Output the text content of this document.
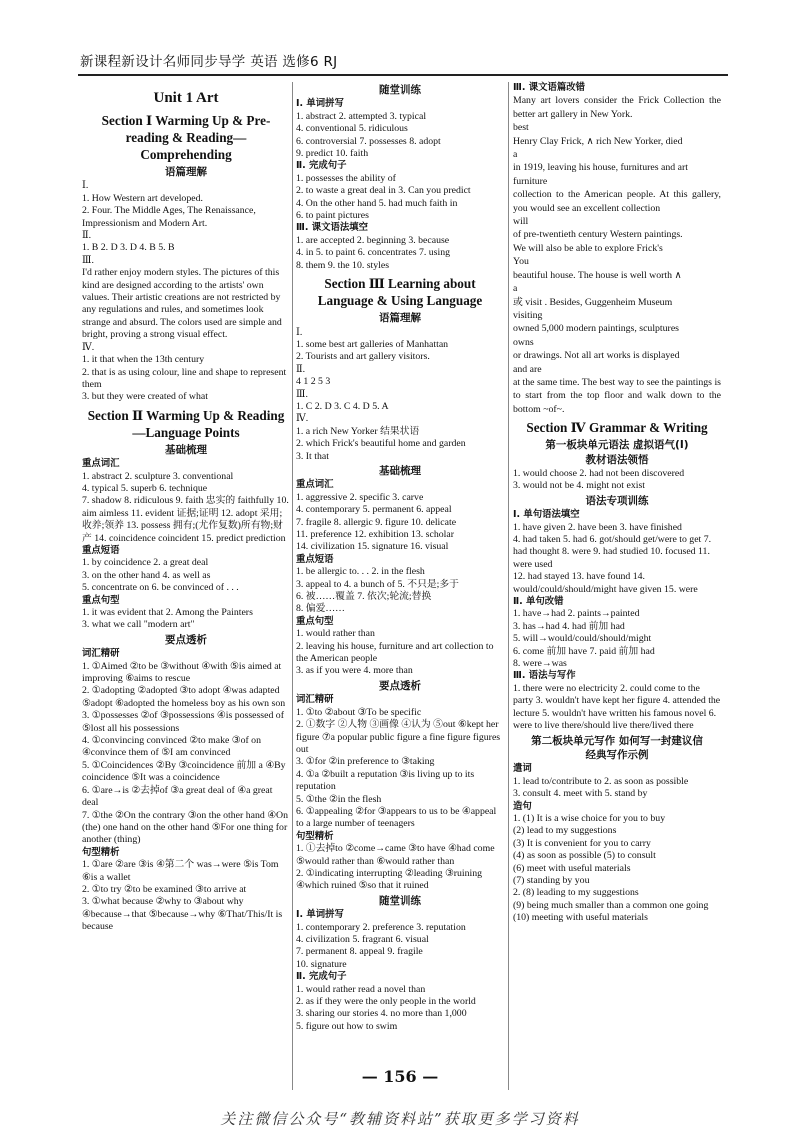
新课程新设计名师同步导学 英语 选修6 RJ
Unit 1 Art
Section Ⅰ Warming Up & Pre-reading & Reading—Comprehending
语篇理解
Ⅰ.
1. How Western art developed.
2. Four. The Middle Ages, The Renaissance, Impressionism and Modern Art.
Ⅱ.
1. B 2. D 3. D 4. B 5. B
Ⅲ.
I'd rather enjoy modern styles. The pictures of this kind are designed according to the artists' own values. Their artistic creations are not restricted by any regulations and rules, and sometimes look strange and absurd. The colors used are simple and bright, proving a strong visual effect.
Ⅳ.
1. it that when the 13th century
2. that is as using colour, line and shape to represent them
3. but they were created of what
Section Ⅱ Warming Up & Reading—Language Points
基础梳理
重点词汇
1. abstract 2. sculpture 3. conventional
4. typical 5. superb 6. technique
7. shadow 8. ridiculous 9. faith 忠实的 faithfully 10. aim aimless 11. evident 证据;证明 12. adopt 采用;收养;领养 13. possess 拥有;(尤作复数)所有物;财产 14. coincidence coincident 15. predict prediction
重点短语
1. by coincidence 2. a great deal
3. on the other hand 4. as well as
5. concentrate on 6. be convinced of . . .
重点句型
1. it was evident that 2. Among the Painters
3. what we call "modern art"
要点透析
词汇精研
1. ①Aimed ②to be ③without ④with ⑤is aimed at improving ⑥aims to rescue
2. ①adopting ②adopted ③to adopt ④was adapted ⑤adopt ⑥adopted the homeless boy as his own son
3. ①possesses ②of ③possessions ④is possessed of ⑤lost all his possessions
4. ①convincing convinced ②to make ③of on ④convince them of ⑤I am convinced
5. ①Coincidences ②By ③coincidence 前加 a ④By coincidence ⑤It was a coincidence
6. ①are→is ②去掉of ③a great deal of ④a great deal
7. ①the ②On the contrary ③on the other hand ④On (the) one hand on the other hand ⑤For one thing for another (thing)
句型精析
1. ①are ②are ③is ④第二个 was→were ⑤is Tom ⑥is a wallet
2. ①to try ②to be examined ③to arrive at
3. ①what because ②why to ③about why ④because→that ⑤because→why ⑥That/This/It is because
随堂训练
Ⅰ. 单词拼写
1. abstract 2. attempted 3. typical
4. conventional 5. ridiculous
6. controversial 7. possesses 8. adopt
9. predict 10. faith
Ⅱ. 完成句子
1. possesses the ability of
2. to waste a great deal in 3. Can you predict
4. On the other hand 5. had much faith in
6. to paint pictures
Ⅲ. 课文语法填空
1. are accepted 2. beginning 3. because
4. in 5. to paint 6. concentrates 7. using
8. them 9. the 10. styles
Section Ⅲ Learning about Language & Using Language
语篇理解
Ⅰ.
1. some best art galleries of Manhattan
2. Tourists and art gallery visitors.
Ⅱ.
4 1 2 5 3
Ⅲ.
1. C 2. D 3. C 4. D 5. A
Ⅳ.
1. a rich New Yorker 结果状语
2. which Frick's beautiful home and garden
3. It that
基础梳理
重点词汇
1. aggressive 2. specific 3. carve
4. contemporary 5. permanent 6. appeal
7. fragile 8. allergic 9. figure 10. delicate
11. preference 12. exhibition 13. scholar
14. civilization 15. signature 16. visual
重点短语
1. be allergic to. . . 2. in the flesh
3. appeal to 4. a bunch of 5. 不只是;多于
6. 被……覆盖 7. 依次;轮流;替换
8. 偏爱……
重点句型
1. would rather than
2. leaving his house, furniture and art collection to the American people
3. as if you were 4. more than
要点透析
词汇精研
1. ①to ②about ③To be specific
2. ①数字 ②人物 ③画像 ④认为 ⑤out ⑥kept her figure ⑦a popular public figure a fine figure figures out
3. ①for ②in preference to ③taking
4. ①a ②built a reputation ③is living up to its reputation
5. ①the ②in the flesh
6. ①appealing ②for ③appears to us to be ④appeal to a large number of teenagers
句型精析
1. ①去掉to ②come→came ③to have ④had come ⑤would rather than ⑥would rather than
2. ①indicating interrupting ②leading ③ruining ④which ruined ⑤so that it ruined
随堂训练
Ⅰ. 单词拼写
1. contemporary 2. preference 3. reputation
4. civilization 5. fragrant 6. visual
7. permanent 8. appeal 9. fragile
10. signature
Ⅱ. 完成句子
1. would rather read a novel than
2. as if they were the only people in the world
3. sharing our stories 4. no more than 1,000
5. figure out how to swim
Ⅲ. 课文语篇改错
Many art lovers consider the Frick Collection the better art gallery in New York.
best
Henry Clay Frick, ∧ rich New Yorker, died
a
in 1919, leaving his house, furnitures and art
furniture
collection to the American people. At this gallery, you would see an excellent collection
will
of pre-twentieth century Western paintings.
We will also be able to explore Frick's
You
beautiful house. The house is well worth ∧
a
或 visit . Besides, Guggenheim Museum
visiting
owned 5,000 modern paintings, sculptures
owns
or drawings. Not all art works is displayed
and are
at the same time. The best way to see the paintings is to start from the top floor and walk down to the bottom ~of~.
Section Ⅳ Grammar & Writing
第一板块单元语法 虚拟语气(Ⅰ)
教材语法领悟
1. would choose 2. had not been discovered
3. would not be 4. might not exist
语法专项训练
Ⅰ. 单句语法填空
1. have given 2. have been 3. have finished
4. had taken 5. had 6. got/should get/were to get 7. had thought 8. were 9. had studied 10. focused 11. were used
12. had stayed 13. have found 14. would/could/should/might have given 15. were
Ⅱ. 单句改错
1. have→had 2. paints→painted
3. has→had 4. had 前加 had
5. will→would/could/should/might
6. come 前加 have 7. paid 前加 had
8. were→was
Ⅲ. 语法与写作
1. there were no electricity 2. could come to the party 3. wouldn't have kept her figure 4. attended the lecture 5. wouldn't have written his famous novel 6. were to live there/should live there/lived there
第二板块单元写作 如何写一封建议信
经典写作示例
遣词
1. lead to/contribute to 2. as soon as possible
3. consult 4. meet with 5. stand by
造句
1. (1) It is a wise choice for you to buy
(2) lead to my suggestions
(3) It is convenient for you to carry
(4) as soon as possible (5) to consult
(6) meet with useful materials
(7) standing by you
2. (8) leading to my suggestions
(9) being much smaller than a common one going
(10) meeting with useful materials
— 156 —
关注微信公众号“教辅资料站”获取更多学习资料
